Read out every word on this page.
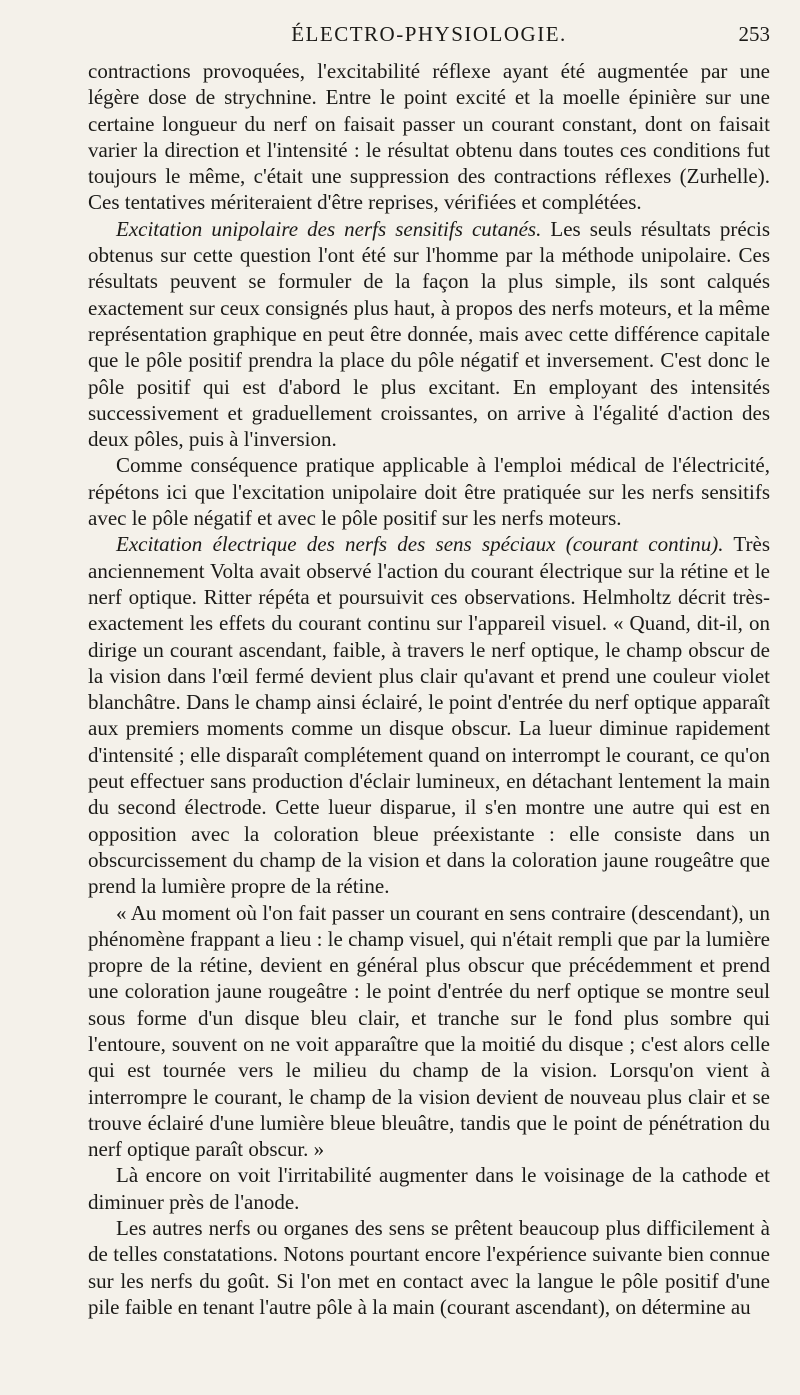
ÉLECTRO-PHYSIOLOGIE.	253

contractions provoquées, l'excitabilité réflexe ayant été augmentée par une légère dose de strychnine. Entre le point excité et la moelle épinière sur une certaine longueur du nerf on faisait passer un courant constant, dont on faisait varier la direction et l'intensité : le résultat obtenu dans toutes ces conditions fut toujours le même, c'était une suppression des contractions réflexes (Zurhelle). Ces tentatives mériteraient d'être reprises, vérifiées et complétées.

Excitation unipolaire des nerfs sensitifs cutanés. Les seuls résultats précis obtenus sur cette question l'ont été sur l'homme par la méthode unipolaire. Ces résultats peuvent se formuler de la façon la plus simple, ils sont calqués exactement sur ceux consignés plus haut, à propos des nerfs moteurs, et la même représentation graphique en peut être donnée, mais avec cette différence capitale que le pôle positif prendra la place du pôle négatif et inversement. C'est donc le pôle positif qui est d'abord le plus excitant. En employant des intensités successivement et graduellement croissantes, on arrive à l'égalité d'action des deux pôles, puis à l'inversion.

Comme conséquence pratique applicable à l'emploi médical de l'électricité, répétons ici que l'excitation unipolaire doit être pratiquée sur les nerfs sensitifs avec le pôle négatif et avec le pôle positif sur les nerfs moteurs.

Excitation électrique des nerfs des sens spéciaux (courant continu). Très anciennement Volta avait observé l'action du courant électrique sur la rétine et le nerf optique. Ritter répéta et poursuivit ces observations. Helmholtz décrit très-exactement les effets du courant continu sur l'appareil visuel. « Quand, dit-il, on dirige un courant ascendant, faible, à travers le nerf optique, le champ obscur de la vision dans l'œil fermé devient plus clair qu'avant et prend une couleur violet blanchâtre. Dans le champ ainsi éclairé, le point d'entrée du nerf optique apparaît aux premiers moments comme un disque obscur. La lueur diminue rapidement d'intensité ; elle disparaît complétement quand on interrompt le courant, ce qu'on peut effectuer sans production d'éclair lumineux, en détachant lentement la main du second électrode. Cette lueur disparue, il s'en montre une autre qui est en opposition avec la coloration bleue préexistante : elle consiste dans un obscurcissement du champ de la vision et dans la coloration jaune rougeâtre que prend la lumière propre de la rétine.

« Au moment où l'on fait passer un courant en sens contraire (descendant), un phénomène frappant a lieu : le champ visuel, qui n'était rempli que par la lumière propre de la rétine, devient en général plus obscur que précédemment et prend une coloration jaune rougeâtre : le point d'entrée du nerf optique se montre seul sous forme d'un disque bleu clair, et tranche sur le fond plus sombre qui l'entoure, souvent on ne voit apparaître que la moitié du disque ; c'est alors celle qui est tournée vers le milieu du champ de la vision. Lorsqu'on vient à interrompre le courant, le champ de la vision devient de nouveau plus clair et se trouve éclairé d'une lumière bleue bleuâtre, tandis que le point de pénétration du nerf optique paraît obscur. »

Là encore on voit l'irritabilité augmenter dans le voisinage de la cathode et diminuer près de l'anode.

Les autres nerfs ou organes des sens se prêtent beaucoup plus difficilement à de telles constatations. Notons pourtant encore l'expérience suivante bien connue sur les nerfs du goût. Si l'on met en contact avec la langue le pôle positif d'une pile faible en tenant l'autre pôle à la main (courant ascendant), on détermine au
